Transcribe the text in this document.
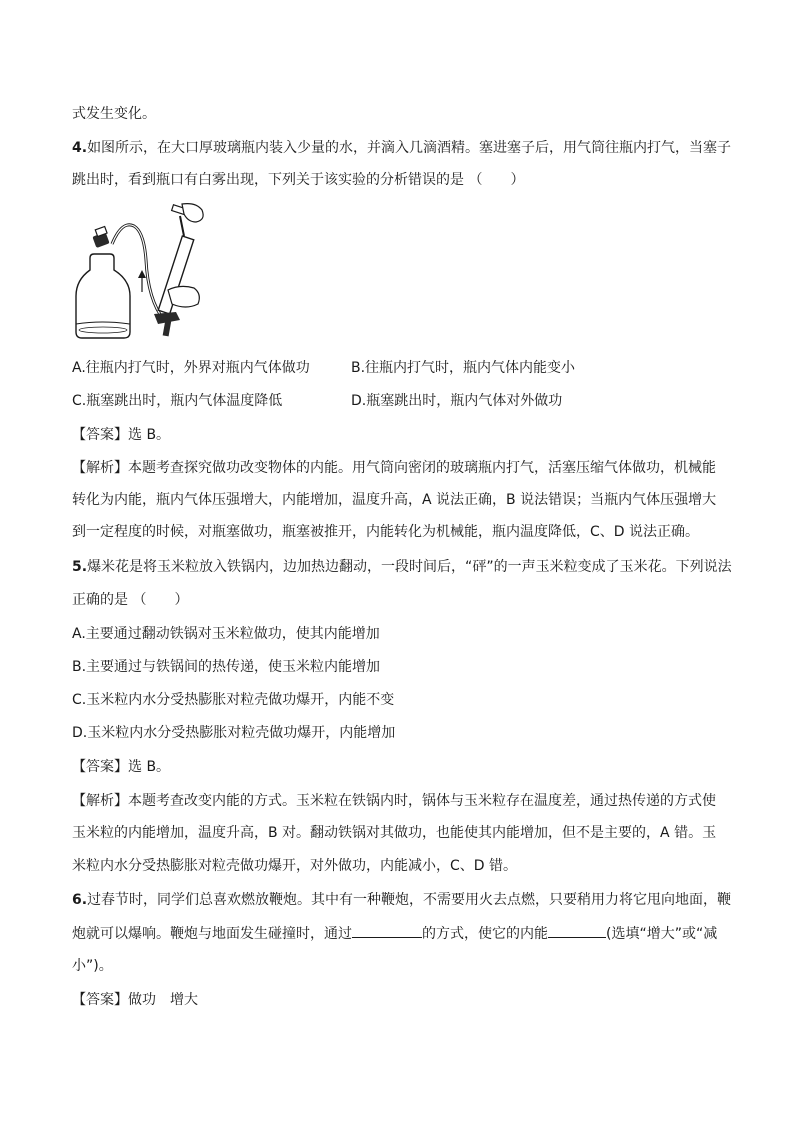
式发生变化。
4.如图所示，在大口厚玻璃瓶内装入少量的水，并滴入几滴酒精。塞进塞子后，用气筒往瓶内打气，当塞子
跳出时，看到瓶口有白雾出现，下列关于该实验的分析错误的是 （　　）
A.往瓶内打气时，外界对瓶内气体做功	B.往瓶内打气时，瓶内气体内能变小
C.瓶塞跳出时，瓶内气体温度降低	D.瓶塞跳出时，瓶内气体对外做功
【答案】选 B。
【解析】本题考查探究做功改变物体的内能。用气筒向密闭的玻璃瓶内打气，活塞压缩气体做功，机械能
转化为内能，瓶内气体压强增大，内能增加，温度升高，A 说法正确，B 说法错误；当瓶内气体压强增大
到一定程度的时候，对瓶塞做功，瓶塞被推开，内能转化为机械能，瓶内温度降低，C、D 说法正确。
5.爆米花是将玉米粒放入铁锅内，边加热边翻动，一段时间后，“砰”的一声玉米粒变成了玉米花。下列说法
正确的是 （　　）
A.主要通过翻动铁锅对玉米粒做功，使其内能增加
B.主要通过与铁锅间的热传递，使玉米粒内能增加
C.玉米粒内水分受热膨胀对粒壳做功爆开，内能不变
D.玉米粒内水分受热膨胀对粒壳做功爆开，内能增加
【答案】选 B。
【解析】本题考查改变内能的方式。玉米粒在铁锅内时，锅体与玉米粒存在温度差，通过热传递的方式使
玉米粒的内能增加，温度升高，B 对。翻动铁锅对其做功，也能使其内能增加，但不是主要的，A 错。玉
米粒内水分受热膨胀对粒壳做功爆开，对外做功，内能减小，C、D 错。
6.过春节时，同学们总喜欢燃放鞭炮。其中有一种鞭炮，不需要用火去点燃，只要稍用力将它甩向地面，鞭
炮就可以爆响。鞭炮与地面发生碰撞时，通过	的方式，使它的内能	(选填“增大”或“减
小”)。
【答案】做功　增大
